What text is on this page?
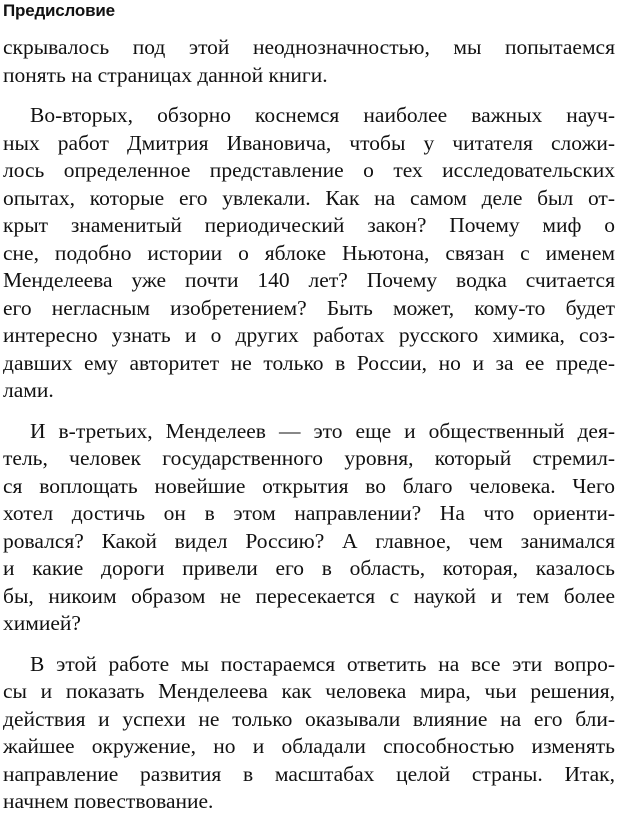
Предисловие
скрывалось под этой неоднозначностью, мы попытаемся
понять на страницах данной книги.
Во-вторых, обзорно коснемся наиболее важных науч-
ных работ Дмитрия Ивановича, чтобы у читателя сложи-
лось определенное представление о тех исследовательских
опытах, которые его увлекали. Как на самом деле был от-
крыт знаменитый периодический закон? Почему миф о
сне, подобно истории о яблоке Ньютона, связан с именем
Менделеева уже почти 140 лет? Почему водка считается
его негласным изобретением? Быть может, кому-то будет
интересно узнать и о других работах русского химика, соз-
давших ему авторитет не только в России, но и за ее преде-
лами.
И в-третьих, Менделеев — это еще и общественный дея-
тель, человек государственного уровня, который стремил-
ся воплощать новейшие открытия во благо человека. Чего
хотел достичь он в этом направлении? На что ориенти-
ровался? Какой видел Россию? А главное, чем занимался
и какие дороги привели его в область, которая, казалось
бы, никоим образом не пересекается с наукой и тем более
химией?
В этой работе мы постараемся ответить на все эти вопро-
сы и показать Менделеева как человека мира, чьи решения,
действия и успехи не только оказывали влияние на его бли-
жайшее окружение, но и обладали способностью изменять
направление развития в масштабах целой страны. Итак,
начнем повествование.
